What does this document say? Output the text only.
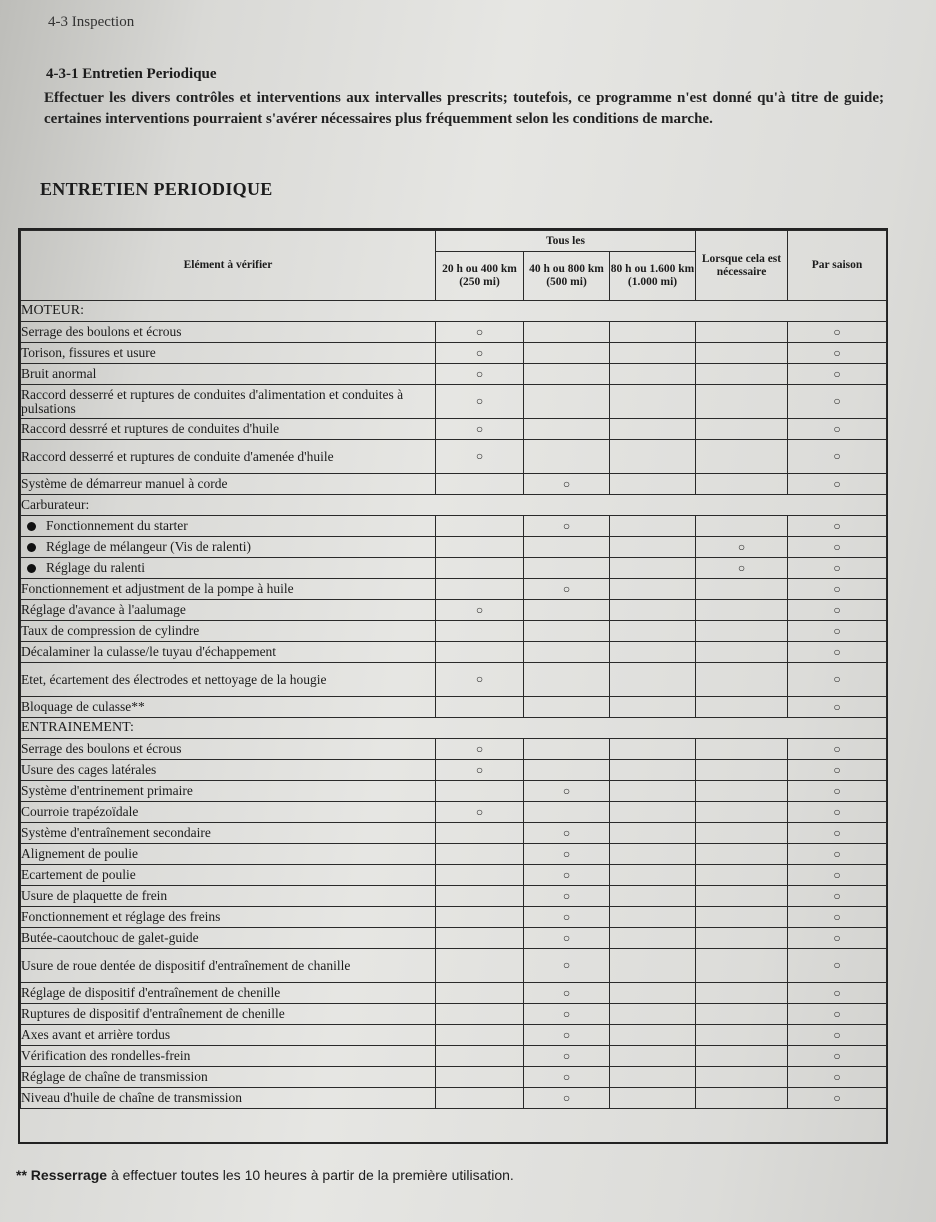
4-3 Inspection
4-3-1 Entretien Periodique
Effectuer les divers contrôles et interventions aux intervalles prescrits; toutefois, ce programme n'est donné qu'à titre de guide; certaines interventions pourraient s'avérer nécessaires plus fréquemment selon les conditions de marche.
ENTRETIEN PERIODIQUE
Elément à vérifier	Tous les			Lorsque cela est nécessaire	Par saison
	20 h ou 400 km (250 mi)	40 h ou 800 km (500 mi)	80 h ou 1.600 km (1.000 mi)		
MOTEUR:					
Serrage des boulons et écrous	○				○
Torison, fissures et usure	○				○
Bruit anormal	○				○
Raccord desserré et ruptures de conduites d'alimentation et conduites à pulsations	○				○
Raccord dessrré et ruptures de conduites d'huile	○				○
Raccord desserré et ruptures de conduite d'amenée d'huile	○				○
Système de démarreur manuel à corde		○			○
Carburateur:					
Fonctionnement du starter		○			○
Réglage de mélangeur (Vis de ralenti)				○	○
Réglage du ralenti				○	○
Fonctionnement et adjustment de la pompe à huile		○			○
Réglage d'avance à l'aalumage	○				○
Taux de compression de cylindre					○
Décalaminer la culasse/le tuyau d'échappement					○
Etet, écartement des électrodes et nettoyage de la hougie	○				○
Bloquage de culasse**					○
ENTRAINEMENT:					
Serrage des boulons et écrous	○				○
Usure des cages latérales	○				○
Système d'entrinement primaire		○			○
Courroie trapézoïdale	○				○
Système d'entraînement secondaire		○			○
Alignement de poulie		○			○
Ecartement de poulie		○			○
Usure de plaquette de frein		○			○
Fonctionnement et réglage des freins		○			○
Butée-caoutchouc de galet-guide		○			○
Usure de roue dentée de dispositif d'entraînement de chanille		○			○
Réglage de dispositif d'entraînement de chenille		○			○
Ruptures de dispositif d'entraînement de chenille		○			○
Axes avant et arrière tordus		○			○
Vérification des rondelles-frein		○			○
Réglage de chaîne de transmission		○			○
Niveau d'huile de chaîne de transmission		○			○
** Resserrage à effectuer toutes les 10 heures à partir de la première utilisation.
